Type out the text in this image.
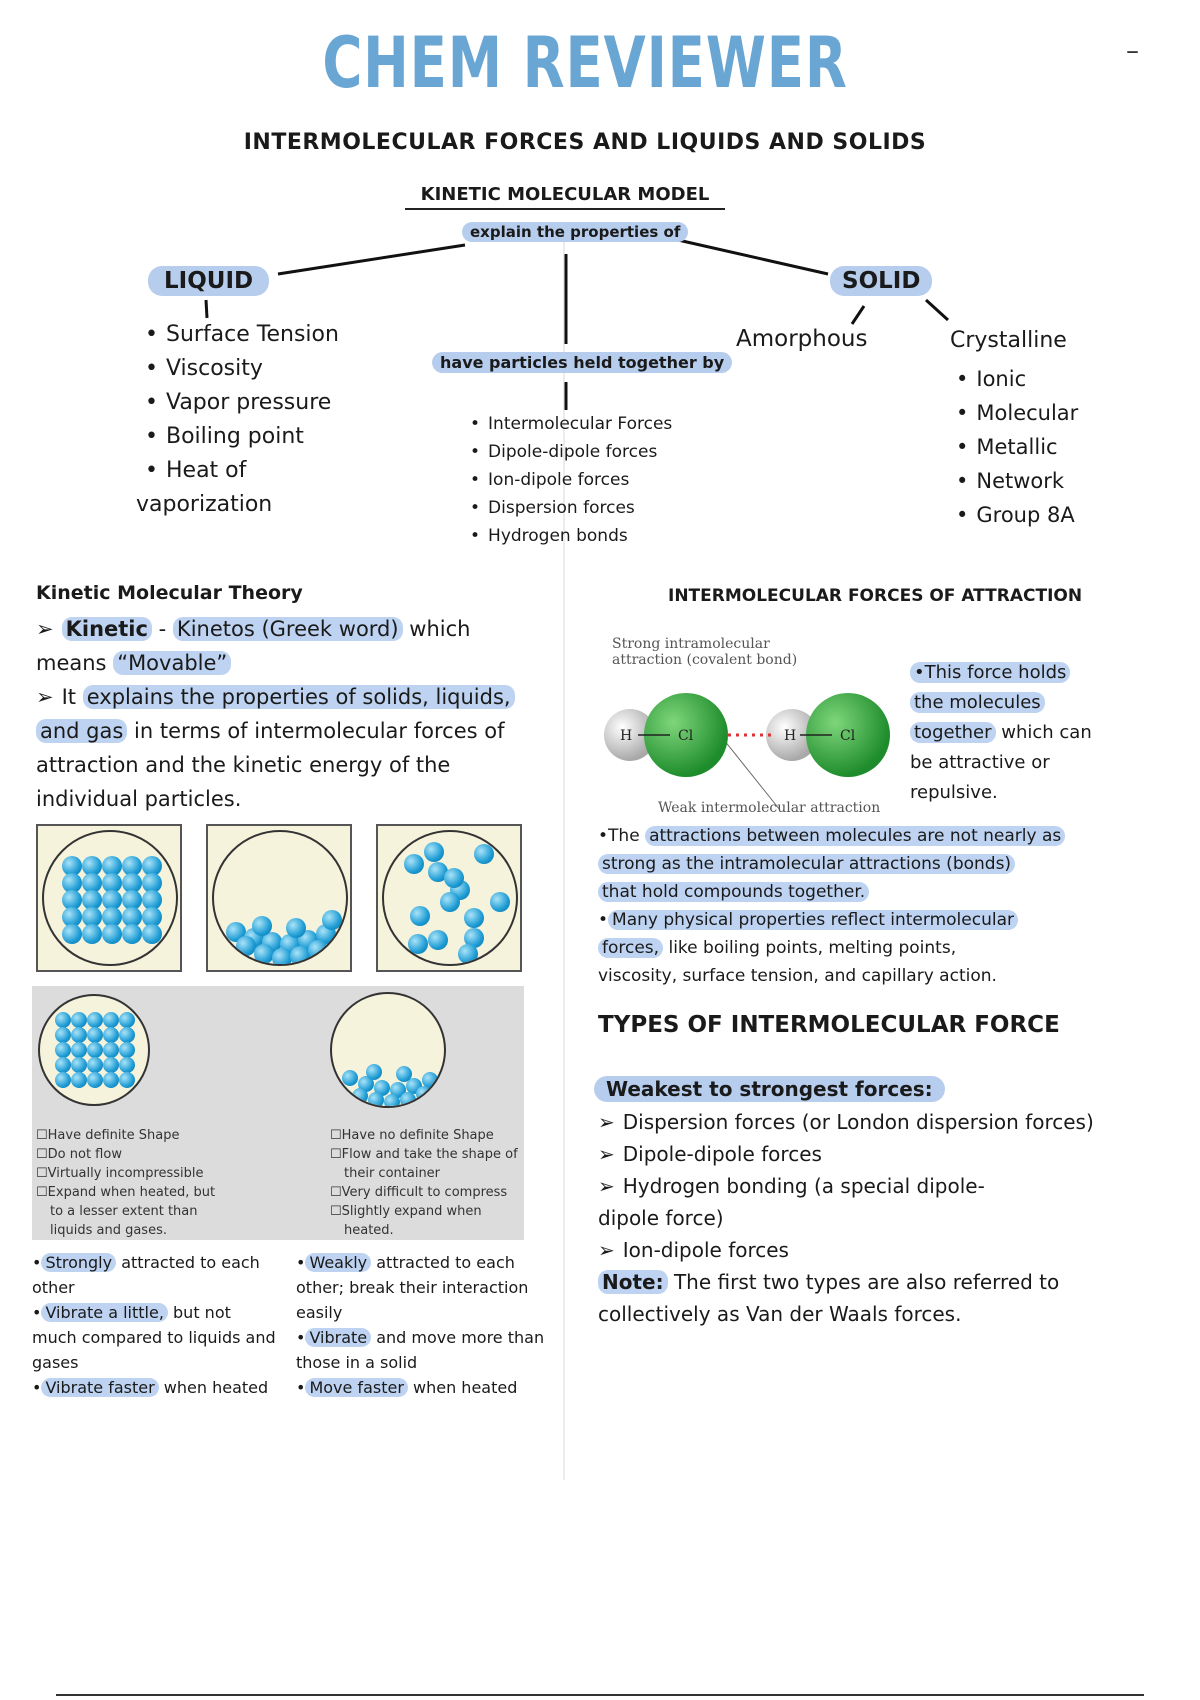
CHEM REVIEWER	–
INTERMOLECULAR FORCES AND LIQUIDS AND SOLIDS
KINETIC MOLECULAR MODEL
explain the properties of
LIQUID	SOLID
have particles held together by
• Surface Tension
• Viscosity
• Vapor pressure
• Boiling point
• Heat of
vaporization
• Intermolecular Forces
• Dipole-dipole forces
• Ion-dipole forces
• Dispersion forces
• Hydrogen bonds
Amorphous	Crystalline
• Ionic
• Molecular
• Metallic
• Network
• Group 8A
Kinetic Molecular Theory
➢ Kinetic - Kinetos (Greek word) which
means “Movable”
➢ It explains the properties of solids, liquids,
and gas in terms of intermolecular forces of
attraction and the kinetic energy of the
individual particles.
☐Have definite Shape
☐Do not flow
☐Virtually incompressible
☐Expand when heated, but
to a lesser extent than
liquids and gases.
☐Have no definite Shape
☐Flow and take the shape of
their container
☐Very difficult to compress
☐Slightly expand when
heated.
• Strongly attracted to each
other
• Vibrate a little, but not
much compared to liquids and
gases
• Vibrate faster when heated
• Weakly attracted to each
other; break their interaction
easily
• Vibrate and move more than
those in a solid
• Move faster when heated
INTERMOLECULAR FORCES OF ATTRACTION
Strong intramolecular
attraction (covalent bond)
H	Cl	H	Cl
Weak intermolecular attraction
•This force holds
the molecules
together which can
be attractive or
repulsive.
•The attractions between molecules are not nearly as
strong as the intramolecular attractions (bonds)
that hold compounds together.
• Many physical properties reflect intermolecular
forces, like boiling points, melting points,
viscosity, surface tension, and capillary action.
TYPES OF INTERMOLECULAR FORCE
Weakest to strongest forces:
➢ Dispersion forces (or London dispersion forces)
➢ Dipole-dipole forces
➢ Hydrogen bonding (a special dipole-
dipole force)
➢ Ion-dipole forces
Note: The first two types are also referred to
collectively as Van der Waals forces.
